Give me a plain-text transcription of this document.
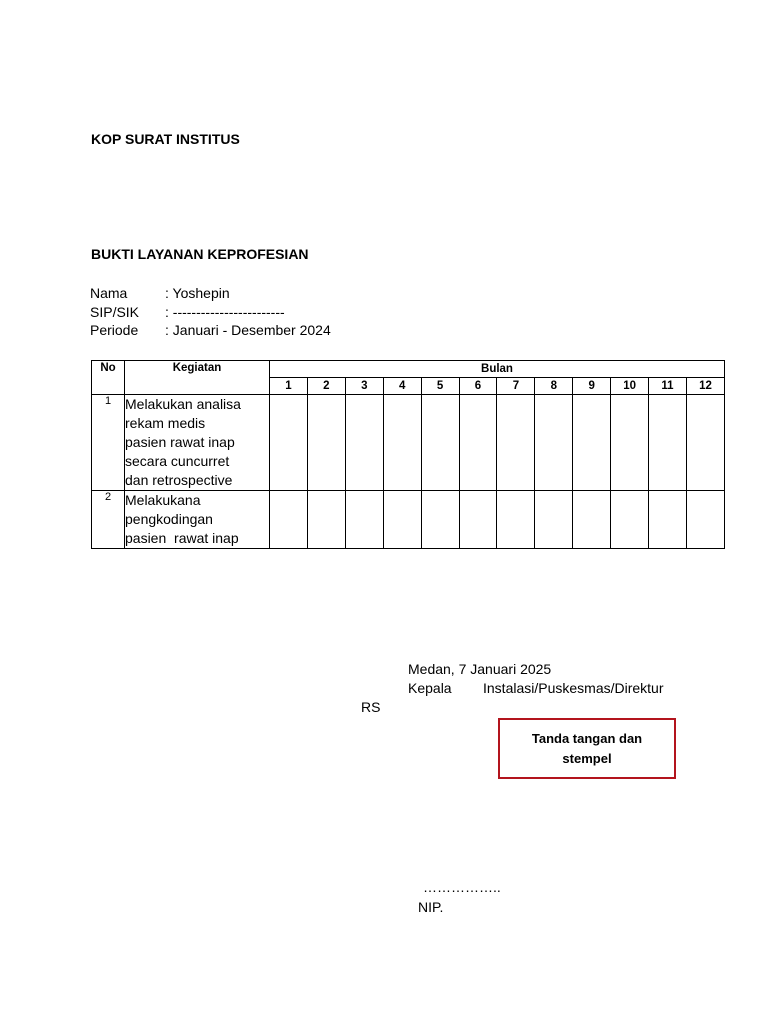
KOP SURAT INSTITUS
BUKTI LAYANAN KEPROFESIAN
Nama	: Yoshepin
SIP/SIK	: ------------------------
Periode	: Januari - Desember 2024
No	Kegiatan	Bulan											
		1	2	3	4	5	6	7	8	9	10	11	12
1	Melakukan analisa
rekam medis
pasien rawat inap
secara cuncurret
dan retrospective												

2	Melakukana
pengkodingan
pasien  rawat inap												

Medan, 7 Januari 2025
Kepala Instalasi/Puskesmas/Direktur
RS
Tanda tangan dan
stempel
……………..
NIP.
